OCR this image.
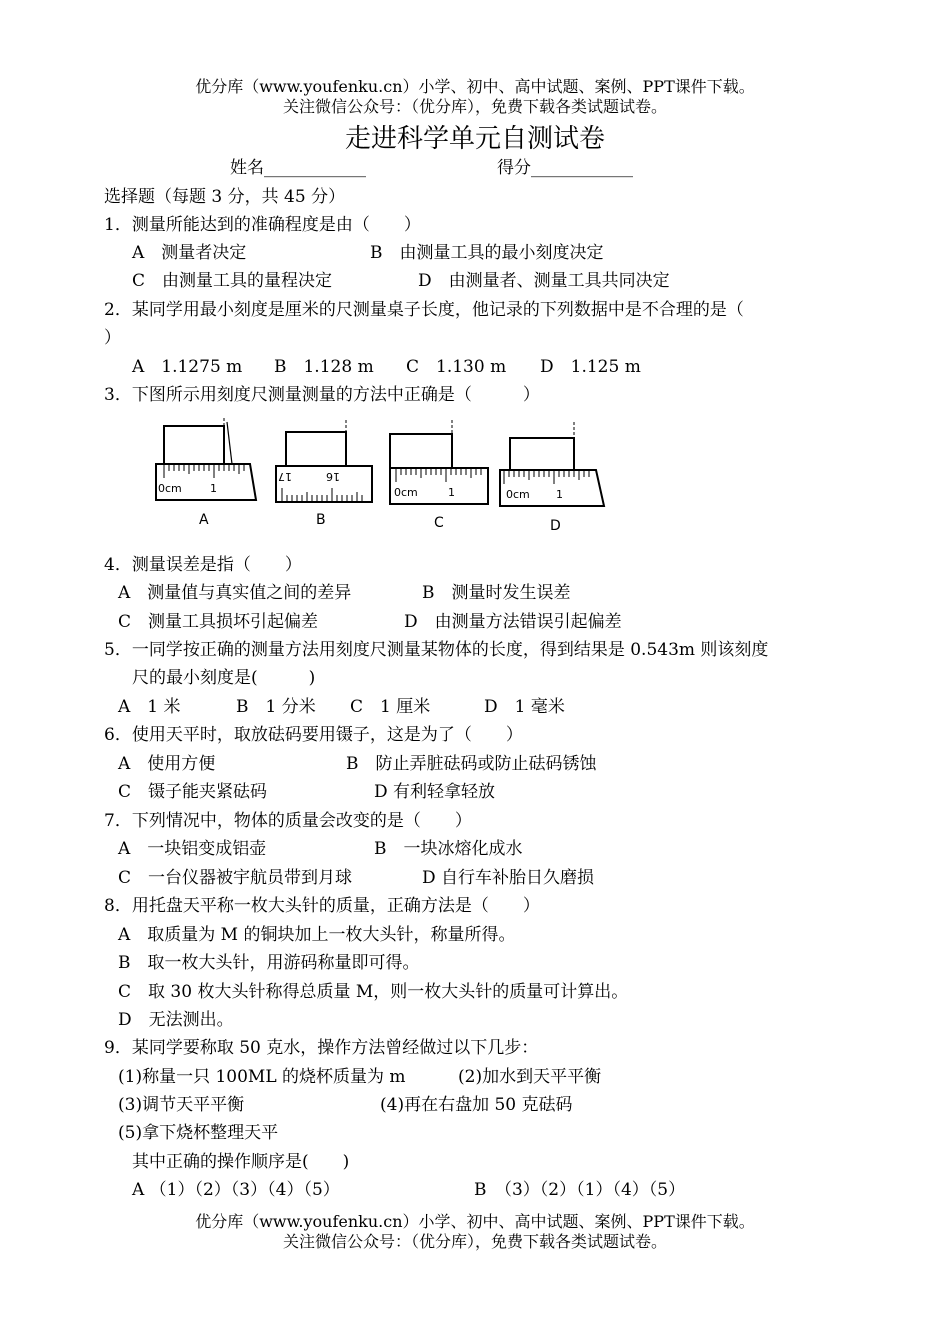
优分库（www.youfenku.cn）小学、初中、高中试题、案例、PPT课件下载。
关注微信公众号：（优分库），免费下载各类试题试卷。
走进科学单元自测试卷
姓名____________	得分____________
选择题（每题 3 分，共 45 分）
1．测量所能达到的准确程度是由（　　）
A　测量者决定	B　由测量工具的最小刻度决定
C　由测量工具的量程决定	D　由测量者、测量工具共同决定
2．某同学用最小刻度是厘米的尺测量桌子长度，他记录的下列数据中是不合理的是（
）
A　1.1275 m B　1.128 m C　1.130 m D　1.125 m
3．下图所示用刻度尺测量测量的方法中正确是（　　　）
0cm	1
A
17	16
B
0cm	1
C
0cm 1
D
4．测量误差是指（　　）
A　测量值与真实值之间的差异	B　测量时发生误差
C　测量工具损坏引起偏差	D　由测量方法错误引起偏差
5．一同学按正确的测量方法用刻度尺测量某物体的长度，得到结果是 0.543m 则该刻度
尺的最小刻度是(　　　)
A　1 米	B　1 分米 C　1 厘米	D　1 毫米
6．使用天平时，取放砝码要用镊子，这是为了（　　）
A　使用方便	B　防止弄脏砝码或防止砝码锈蚀
C　镊子能夹紧砝码	D 有利轻拿轻放
7．下列情况中，物体的质量会改变的是（　　）
A　一块铝变成铝壶	B　一块冰熔化成水
C　一台仪器被宇航员带到月球	D 自行车补胎日久磨损
8．用托盘天平称一枚大头针的质量，正确方法是（　　）
A　取质量为 M 的铜块加上一枚大头针，称量所得。
B　取一枚大头针，用游码称量即可得。
C　取 30 枚大头针称得总质量 M，则一枚大头针的质量可计算出。
D　无法测出。
9．某同学要称取 50 克水，操作方法曾经做过以下几步：
(1)称量一只 100ML 的烧杯质量为 m	(2)加水到天平平衡
(3)调节天平平衡	(4)再在右盘加 50 克砝码
(5)拿下烧杯整理天平
其中正确的操作顺序是(　　)
A （1）（2）（3）（4）（5）	B　（3）（2）（1）（4）（5）
优分库（www.youfenku.cn）小学、初中、高中试题、案例、PPT课件下载。
关注微信公众号：（优分库），免费下载各类试题试卷。
